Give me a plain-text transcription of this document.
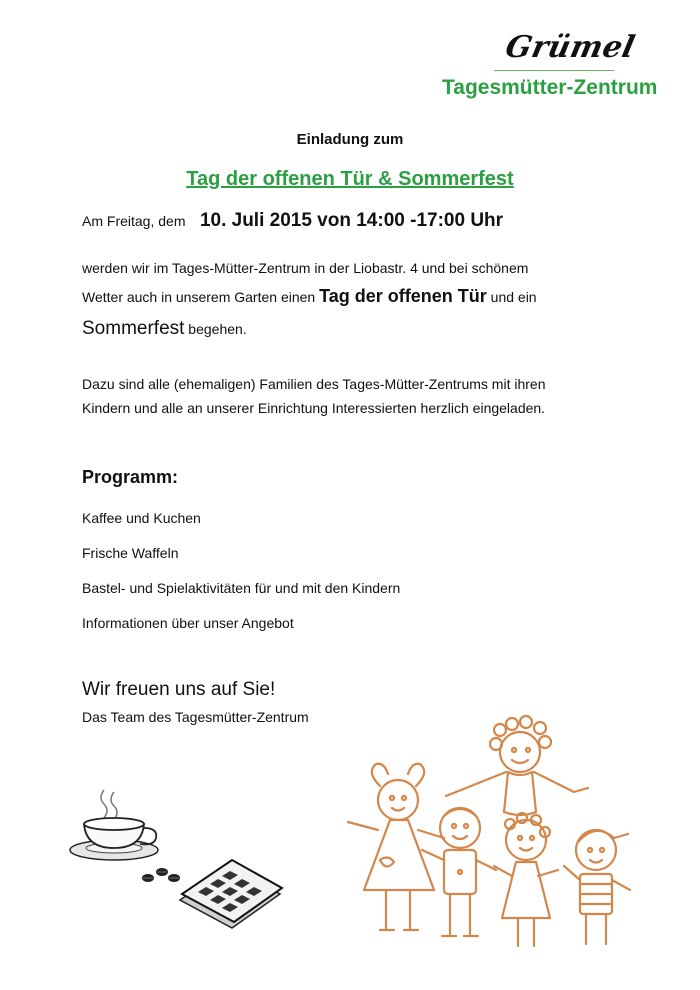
Grümel
Tagesmütter-Zentrum
Einladung zum
Tag der offenen Tür & Sommerfest
Am Freitag, dem 10. Juli 2015 von 14:00 -17:00 Uhr
werden wir im Tages-Mütter-Zentrum in der Liobastr. 4 und bei schönem
Wetter auch in unserem Garten einen Tag der offenen Tür und ein
Sommerfest begehen.
Dazu sind alle (ehemaligen) Familien des Tages-Mütter-Zentrums mit ihren
Kindern und alle an unserer Einrichtung Interessierten herzlich eingeladen.
Programm:
Kaffee und Kuchen
Frische Waffeln
Bastel- und Spielaktivitäten für und mit den Kindern
Informationen über unser Angebot
Wir freuen uns auf Sie!
Das Team des Tagesmütter-Zentrum
